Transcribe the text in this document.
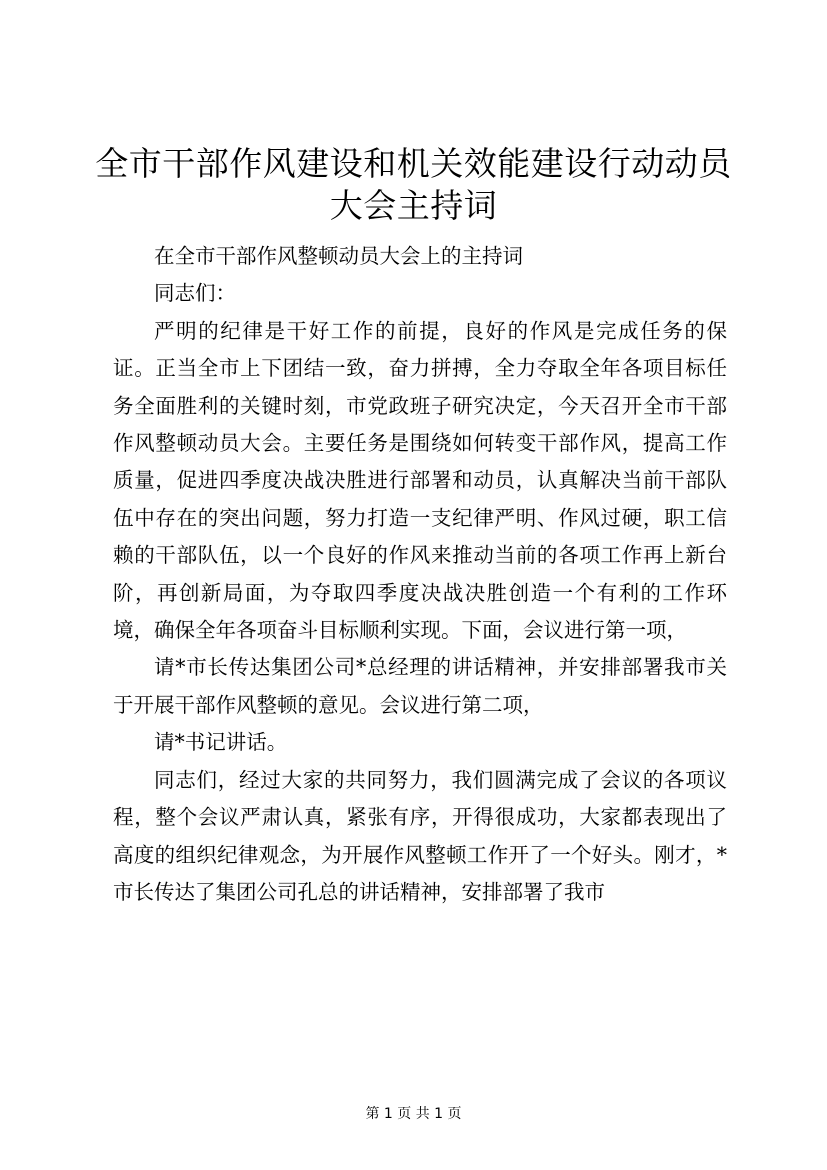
全市干部作风建设和机关效能建设行动动员大会主持词

在全市干部作风整顿动员大会上的主持词

同志们：

严明的纪律是干好工作的前提，良好的作风是完成任务的保证。正当全市上下团结一致，奋力拼搏，全力夺取全年各项目标任务全面胜利的关键时刻，市党政班子研究决定，今天召开全市干部作风整顿动员大会。主要任务是围绕如何转变干部作风，提高工作质量，促进四季度决战决胜进行部署和动员，认真解决当前干部队伍中存在的突出问题，努力打造一支纪律严明、作风过硬，职工信赖的干部队伍，以一个良好的作风来推动当前的各项工作再上新台阶，再创新局面，为夺取四季度决战决胜创造一个有利的工作环境，确保全年各项奋斗目标顺利实现。下面，会议进行第一项，

请*市长传达集团公司*总经理的讲话精神，并安排部署我市关于开展干部作风整顿的意见。会议进行第二项，

请*书记讲话。

同志们，经过大家的共同努力，我们圆满完成了会议的各项议程，整个会议严肃认真，紧张有序，开得很成功，大家都表现出了高度的组织纪律观念，为开展作风整顿工作开了一个好头。刚才，*市长传达了集团公司孔总的讲话精神，安排部署了我市

第 1 页 共 1 页
